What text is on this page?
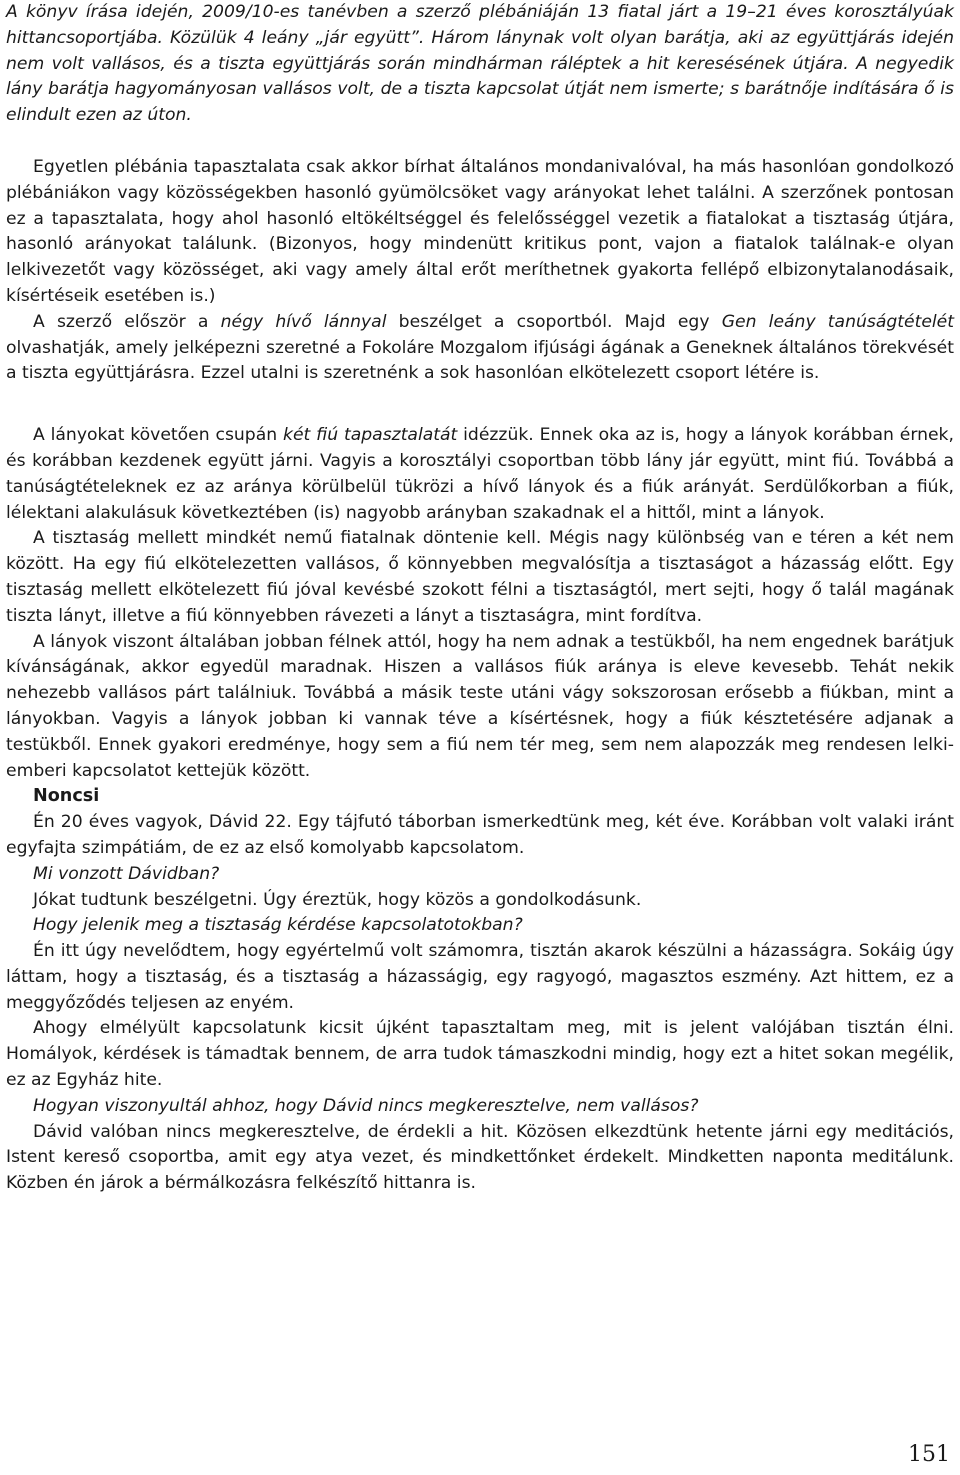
A könyv írása idején, 2009/10-es tanévben a szerző plébániáján 13 fiatal járt a 19–21 éves korosztályúak hittancsoportjába. Közülük 4 leány „jár együtt”. Három lánynak volt olyan barátja, aki az együttjárás idején nem volt vallásos, és a tiszta együttjárás során mindhárman ráléptek a hit keresésének útjára. A negyedik lány barátja hagyományosan vallásos volt, de a tiszta kapcsolat útját nem ismerte; s barátnője indítására ő is elindult ezen az úton.

Egyetlen plébánia tapasztalata csak akkor bírhat általános mondanivalóval, ha más hasonlóan gondolkozó plébániákon vagy közösségekben hasonló gyümölcsöket vagy arányokat lehet találni. A szerzőnek pontosan ez a tapasztalata, hogy ahol hasonló eltökéltséggel és felelősséggel vezetik a fiatalokat a tisztaság útjára, hasonló arányokat találunk. (Bizonyos, hogy mindenütt kritikus pont, vajon a fiatalok találnak-e olyan lelkivezetőt vagy közösséget, aki vagy amely által erőt meríthetnek gyakorta fellépő elbizonytalanodásaik, kísértéseik esetében is.)

A szerző először a négy hívő lánnyal beszélget a csoportból. Majd egy Gen leány tanúságtételét olvashatják, amely jelképezni szeretné a Fokoláre Mozgalom ifjúsági ágának a Geneknek általános törekvését a tiszta együttjárásra. Ezzel utalni is szeretnénk a sok hasonlóan elkötelezett csoport létére is.

A lányokat követően csupán két fiú tapasztalatát idézzük. Ennek oka az is, hogy a lányok korábban érnek, és korábban kezdenek együtt járni. Vagyis a korosztályi csoportban több lány jár együtt, mint fiú. Továbbá a tanúságtételeknek ez az aránya körülbelül tükrözi a hívő lányok és a fiúk arányát. Serdülőkorban a fiúk, lélektani alakulásuk következtében (is) nagyobb arányban szakadnak el a hittől, mint a lányok.

A tisztaság mellett mindkét nemű fiatalnak döntenie kell. Mégis nagy különbség van e téren a két nem között. Ha egy fiú elkötelezetten vallásos, ő könnyebben megvalósítja a tisztaságot a házasság előtt. Egy tisztaság mellett elkötelezett fiú jóval kevésbé szokott félni a tisztaságtól, mert sejti, hogy ő talál magának tiszta lányt, illetve a fiú könnyebben rávezeti a lányt a tisztaságra, mint fordítva.

A lányok viszont általában jobban félnek attól, hogy ha nem adnak a testükből, ha nem engednek barátjuk kívánságának, akkor egyedül maradnak. Hiszen a vallásos fiúk aránya is eleve kevesebb. Tehát nekik nehezebb vallásos párt találniuk. Továbbá a másik teste utáni vágy sokszorosan erősebb a fiúkban, mint a lányokban. Vagyis a lányok jobban ki vannak téve a kísértésnek, hogy a fiúk késztetésére adjanak a testükből. Ennek gyakori eredménye, hogy sem a fiú nem tér meg, sem nem alapozzák meg rendesen lelki-emberi kapcsolatot kettejük között.

Noncsi

Én 20 éves vagyok, Dávid 22. Egy tájfutó táborban ismerkedtünk meg, két éve. Korábban volt valaki iránt egyfajta szimpátiám, de ez az első komolyabb kapcsolatom.

Mi vonzott Dávidban?

Jókat tudtunk beszélgetni. Úgy éreztük, hogy közös a gondolkodásunk.

Hogy jelenik meg a tisztaság kérdése kapcsolatotokban?

Én itt úgy nevelődtem, hogy egyértelmű volt számomra, tisztán akarok készülni a házasságra. Sokáig úgy láttam, hogy a tisztaság, és a tisztaság a házasságig, egy ragyogó, magasztos eszmény. Azt hittem, ez a meggyőződés teljesen az enyém.

Ahogy elmélyült kapcsolatunk kicsit újként tapasztaltam meg, mit is jelent valójában tisztán élni. Homályok, kérdések is támadtak bennem, de arra tudok támaszkodni mindig, hogy ezt a hitet sokan megélik, ez az Egyház hite.

Hogyan viszonyultál ahhoz, hogy Dávid nincs megkeresztelve, nem vallásos?

Dávid valóban nincs megkeresztelve, de érdekli a hit. Közösen elkezdtünk hetente járni egy meditációs, Istent kereső csoportba, amit egy atya vezet, és mindkettőnket érdekelt. Mindketten naponta meditálunk. Közben én járok a bérmálkozásra felkészítő hittanra is.

151
